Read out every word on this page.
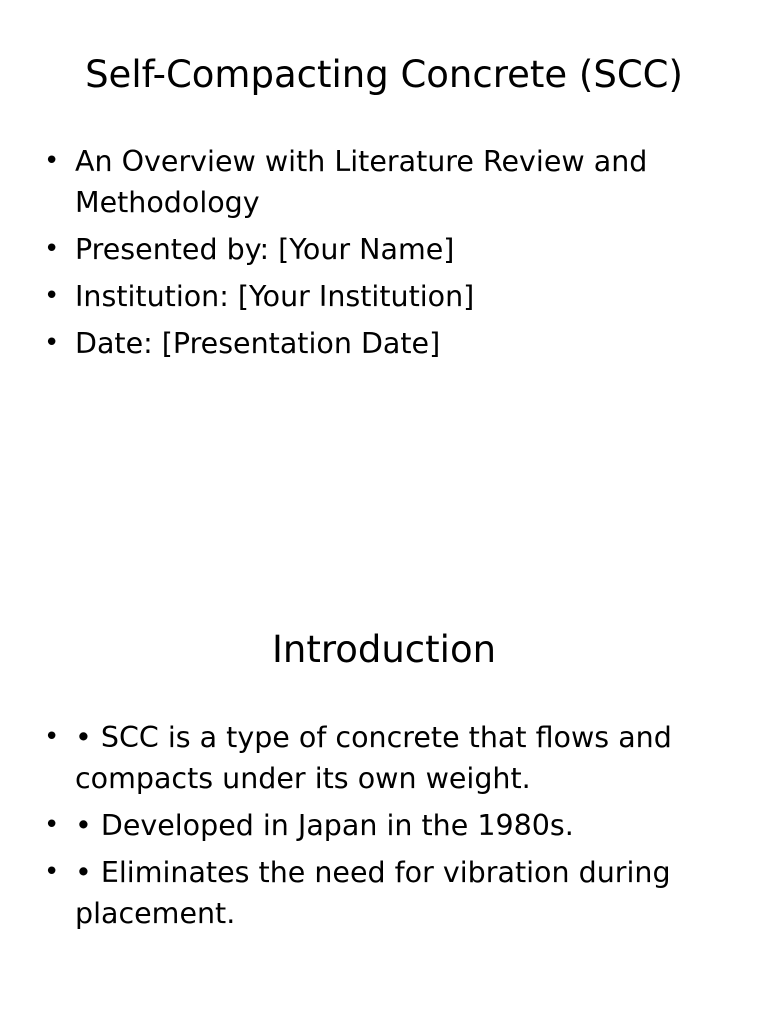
Self-Compacting Concrete (SCC)
• An Overview with Literature Review and Methodology
• Presented by: [Your Name]
• Institution: [Your Institution]
• Date: [Presentation Date]
Introduction
• • SCC is a type of concrete that flows and compacts under its own weight.
• • Developed in Japan in the 1980s.
• • Eliminates the need for vibration during placement.
